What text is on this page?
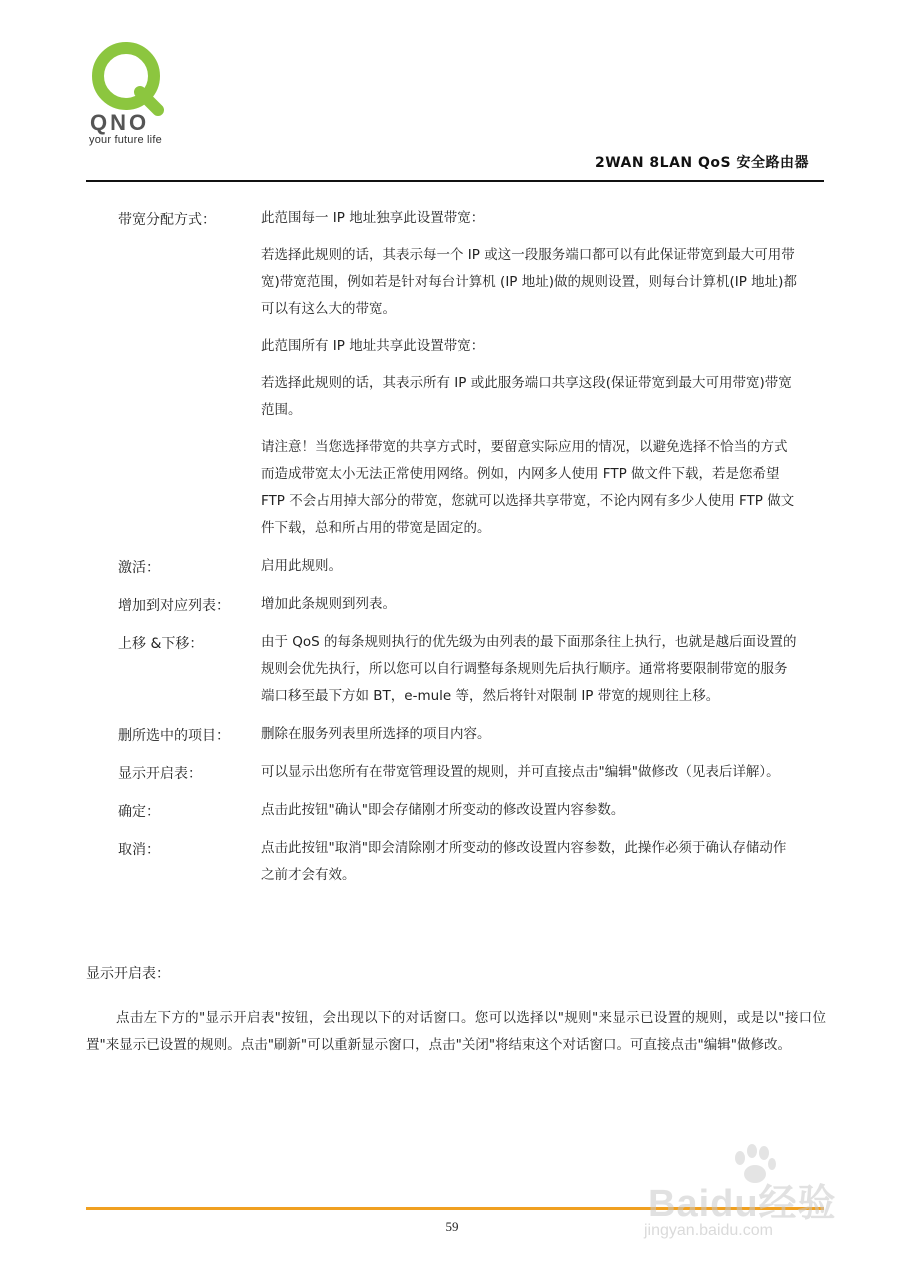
QNO
your future life
2WAN 8LAN QoS 安全路由器
带宽分配方式：	此范围每一 IP 地址独享此设置带宽：

若选择此规则的话，其表示每一个 IP 或这一段服务端口都可以有此保证带宽到最大可用带宽)带宽范围，例如若是针对每台计算机 (IP 地址)做的规则设置，则每台计算机(IP 地址)都可以有这么大的带宽。

此范围所有 IP 地址共享此设置带宽：

若选择此规则的话，其表示所有 IP 或此服务端口共享这段(保证带宽到最大可用带宽)带宽范围。

请注意！当您选择带宽的共享方式时，要留意实际应用的情况，以避免选择不恰当的方式而造成带宽太小无法正常使用网络。例如，内网多人使用 FTP 做文件下载，若是您希望 FTP 不会占用掉大部分的带宽，您就可以选择共享带宽，不论内网有多少人使用 FTP 做文件下载，总和所占用的带宽是固定的。

激活：	启用此规则。

增加到对应列表： 增加此条规则到列表。

上移 &下移：	由于 QoS 的每条规则执行的优先级为由列表的最下面那条往上执行，也就是越后面设置的规则会优先执行，所以您可以自行调整每条规则先后执行顺序。通常将要限制带宽的服务端口移至最下方如 BT，e-mule 等，然后将针对限制 IP 带宽的规则往上移。

删所选中的项目： 删除在服务列表里所选择的项目内容。

显示开启表：	可以显示出您所有在带宽管理设置的规则，并可直接点击"编辑"做修改（见表后详解）。

确定：	点击此按钮"确认"即会存储刚才所变动的修改设置内容参数。

取消：	点击此按钮"取消"即会清除刚才所变动的修改设置内容参数，此操作必须于确认存储动作之前才会有效。

显示开启表：
点击左下方的"显示开启表"按钮，会出现以下的对话窗口。您可以选择以"规则"来显示已设置的规则，或是以"接口位置"来显示已设置的规则。点击"刷新"可以重新显示窗口，点击"关闭"将结束这个对话窗口。可直接点击"编辑"做修改。
59
Baidu经验
jingyan.baidu.com
